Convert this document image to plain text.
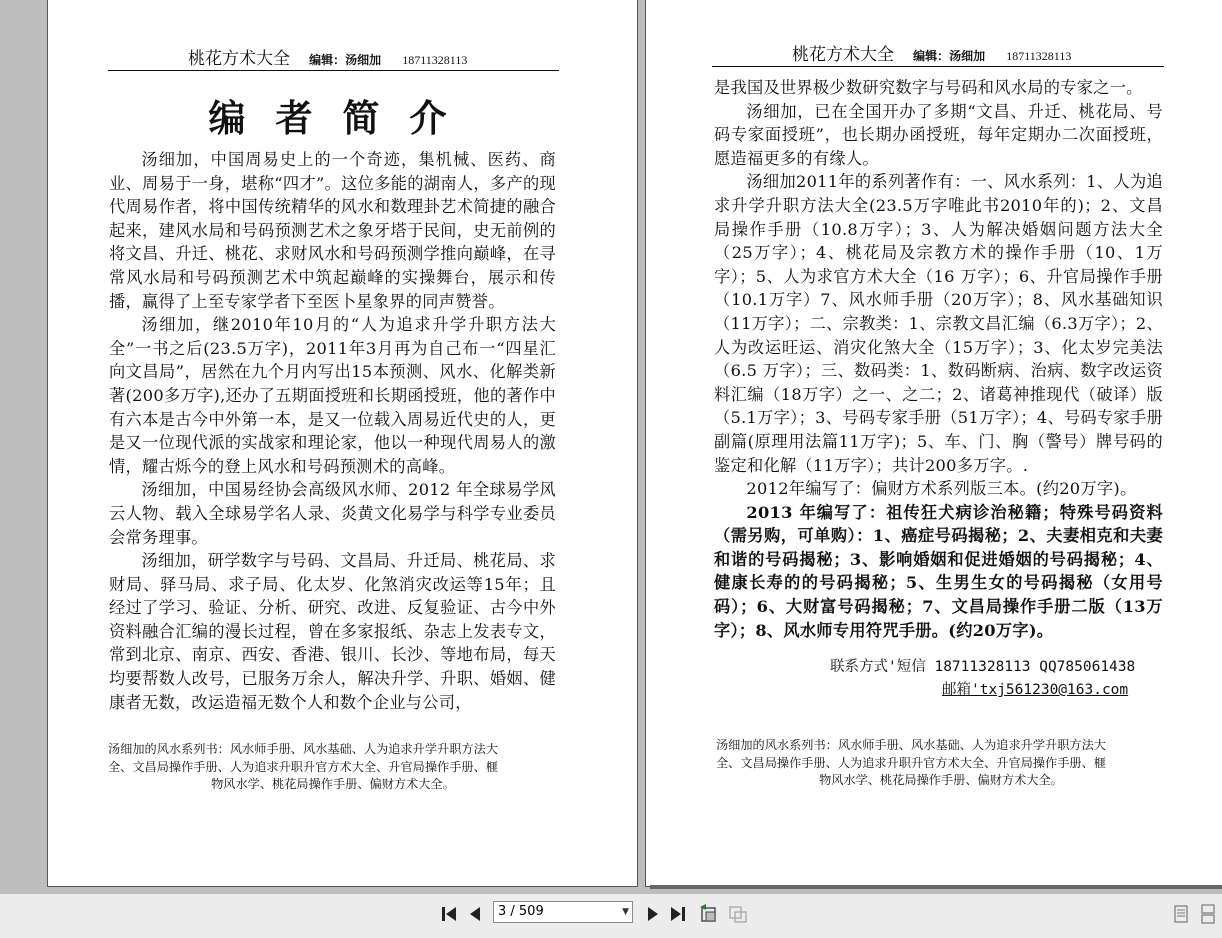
桃花方术大全 编辑：汤细加 18711328113
编者简介

汤细加，中国周易史上的一个奇迹，集机械、医药、商业、周易于一身，堪称“四才”。这位多能的湖南人，多产的现代周易作者，将中国传统精华的风水和数理卦艺术简捷的融合起来，建风水局和号码预测艺术之象牙塔于民间，史无前例的将文昌、升迁、桃花、求财风水和号码预测学推向巅峰，在寻常风水局和号码预测艺术中筑起巅峰的实操舞台，展示和传播，赢得了上至专家学者下至医卜星象界的同声赞誉。

汤细加，继2010年10月的“人为追求升学升职方法大全”一书之后(23.5万字)，2011年3月再为自己布一“四星汇向文昌局”，居然在九个月内写出15本预测、风水、化解类新著(200多万字),还办了五期面授班和长期函授班，他的著作中有六本是古今中外第一本，是又一位载入周易近代史的人，更是又一位现代派的实战家和理论家，他以一种现代周易人的激情，耀古烁今的登上风水和号码预测术的高峰。

汤细加，中国易经协会高级风水师、2012 年全球易学风云人物、载入全球易学名人录、炎黄文化易学与科学专业委员会常务理事。

汤细加，研学数字与号码、文昌局、升迁局、桃花局、求财局、驿马局、求子局、化太岁、化煞消灾改运等15年；且经过了学习、验证、分析、研究、改进、反复验证、古今中外资料融合汇编的漫长过程，曾在多家报纸、杂志上发表专文，常到北京、南京、西安、香港、银川、长沙、等地布局，每天均要帮数人改号，已服务万余人，解决升学、升职、婚姻、健康者无数，改运造福无数个人和数个企业与公司，

汤细加的风水系列书：风水师手册、风水基础、人为追求升学升职方法大
全、文昌局操作手册、人为追求升职升官方术大全、升官局操作手册、榧
物风水学、桃花局操作手册、偏财方术大全。
桃花方术大全 编辑：汤细加 18711328113

是我国及世界极少数研究数字与号码和风水局的专家之一。

汤细加，已在全国开办了多期“文昌、升迁、桃花局、号码专家面授班”，也长期办函授班，每年定期办二次面授班，愿造福更多的有缘人。

汤细加2011年的系列著作有：一、风水系列：1、人为追求升学升职方法大全(23.5万字唯此书2010年的)；2、文昌局操作手册（10.8万字）；3、人为解决婚姻问题方法大全（25万字）；4、桃花局及宗教方术的操作手册（10、1万字）；5、人为求官方术大全（16 万字）；6、升官局操作手册（10.1万字）7、风水师手册（20万字）；8、风水基础知识（11万字）；二、宗教类：1、宗教文昌汇编（6.3万字）；2、人为改运旺运、消灾化煞大全（15万字）；3、化太岁完美法（6.5 万字）；三、数码类：1、数码断病、治病、数字改运资料汇编（18万字）之一、之二；2、诸葛神推现代（破译）版（5.1万字）；3、号码专家手册（51万字）；4、号码专家手册副篇(原理用法篇11万字)；5、车、门、胸（警号）牌号码的鉴定和化解（11万字）；共计200多万字。.

2012年编写了：偏财方术系列版三本。(约20万字)。

2013 年编写了：祖传狂犬病诊治秘籍；特殊号码资料（需另购，可单购）：1、癌症号码揭秘；2、夫妻相克和夫妻和谐的号码揭秘；3、影响婚姻和促进婚姻的号码揭秘；4、健康长寿的的号码揭秘；5、生男生女的号码揭秘（女用号码）；6、大财富号码揭秘；7、文昌局操作手册二版（13万字）；8、风水师专用符咒手册。(约20万字)。

联系方式'短信 18711328113 QQ785061438
邮箱'txj561230@163.com
汤细加的风水系列书：风水师手册、风水基础、人为追求升学升职方法大
全、文昌局操作手册、人为追求升职升官方术大全、升官局操作手册、榧
物风水学、桃花局操作手册、偏财方术大全。
3 / 509	▼
